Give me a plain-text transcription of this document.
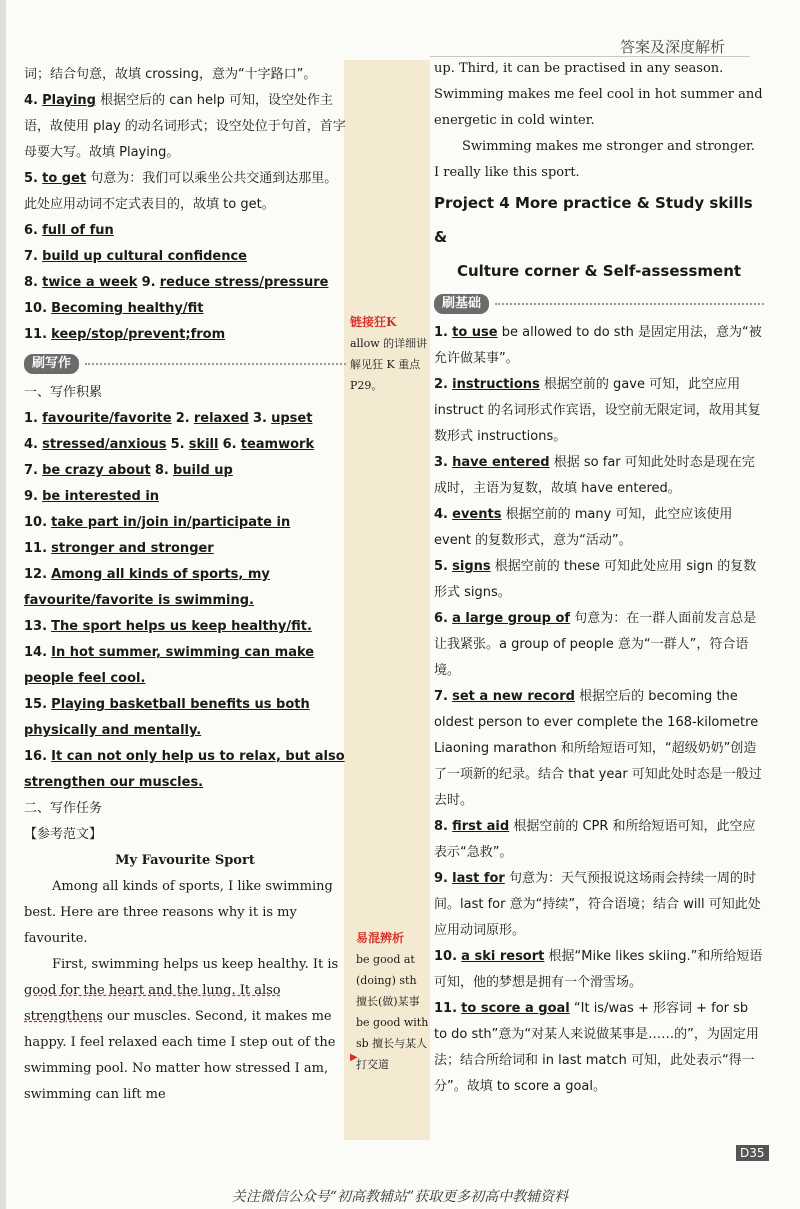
答案及深度解析
词；结合句意，故填 crossing，意为“十字路口”。
4. Playing 根据空后的 can help 可知，设空处作主语，故使用 play 的动名词形式；设空处位于句首，首字母要大写。故填 Playing。
5. to get 句意为：我们可以乘坐公共交通到达那里。此处应用动词不定式表目的，故填 to get。
6. full of fun
7. build up cultural confidence
8. twice a week 9. reduce stress/pressure
10. Becoming healthy/fit
11. keep/stop/prevent;from
刷写作
一、写作积累
1. favourite/favorite 2. relaxed 3. upset
4. stressed/anxious 5. skill 6. teamwork
7. be crazy about 8. build up
9. be interested in
10. take part in/join in/participate in
11. stronger and stronger
12. Among all kinds of sports, my favourite/favorite is swimming.
13. The sport helps us keep healthy/fit.
14. In hot summer, swimming can make people feel cool.
15. Playing basketball benefits us both physically and mentally.
16. It can not only help us to relax, but also strengthen our muscles.
二、写作任务
【参考范文】
My Favourite Sport
Among all kinds of sports, I like swimming best. Here are three reasons why it is my favourite.
First, swimming helps us keep healthy. It is good for the heart and the lung. It also strengthens our muscles. Second, it makes me happy. I feel relaxed each time I step out of the swimming pool. No matter how stressed I am, swimming can lift me
链接狂K
allow 的详细讲解见狂 K 重点 P29。
易混辨析
be good at (doing) sth 擅长(做)某事 be good with sb 擅长与某人打交道
▶
up. Third, it can be practised in any season. Swimming makes me feel cool in hot summer and energetic in cold winter.
Swimming makes me stronger and stronger. I really like this sport.
Project 4 More practice & Study skills &
Culture corner & Self-assessment
刷基础
1. to use be allowed to do sth 是固定用法，意为“被允许做某事”。
2. instructions 根据空前的 gave 可知，此空应用 instruct 的名词形式作宾语，设空前无限定词，故用其复数形式 instructions。
3. have entered 根据 so far 可知此处时态是现在完成时，主语为复数，故填 have entered。
4. events 根据空前的 many 可知，此空应该使用 event 的复数形式，意为“活动”。
5. signs 根据空前的 these 可知此处应用 sign 的复数形式 signs。
6. a large group of 句意为：在一群人面前发言总是让我紧张。a group of people 意为“一群人”，符合语境。
7. set a new record 根据空后的 becoming the oldest person to ever complete the 168-kilometre Liaoning marathon 和所给短语可知，“超级奶奶”创造了一项新的纪录。结合 that year 可知此处时态是一般过去时。
8. first aid 根据空前的 CPR 和所给短语可知，此空应表示“急救”。
9. last for 句意为：天气预报说这场雨会持续一周的时间。last for 意为“持续”，符合语境；结合 will 可知此处应用动词原形。
10. a ski resort 根据“Mike likes skiing.”和所给短语可知，他的梦想是拥有一个滑雪场。
11. to score a goal “It is/was + 形容词 + for sb to do sth”意为“对某人来说做某事是……的”，为固定用法；结合所给词和 in last match 可知，此处表示“得一分”。故填 to score a goal。
D35
关注微信公众号“初高教辅站”获取更多初高中教辅资料
